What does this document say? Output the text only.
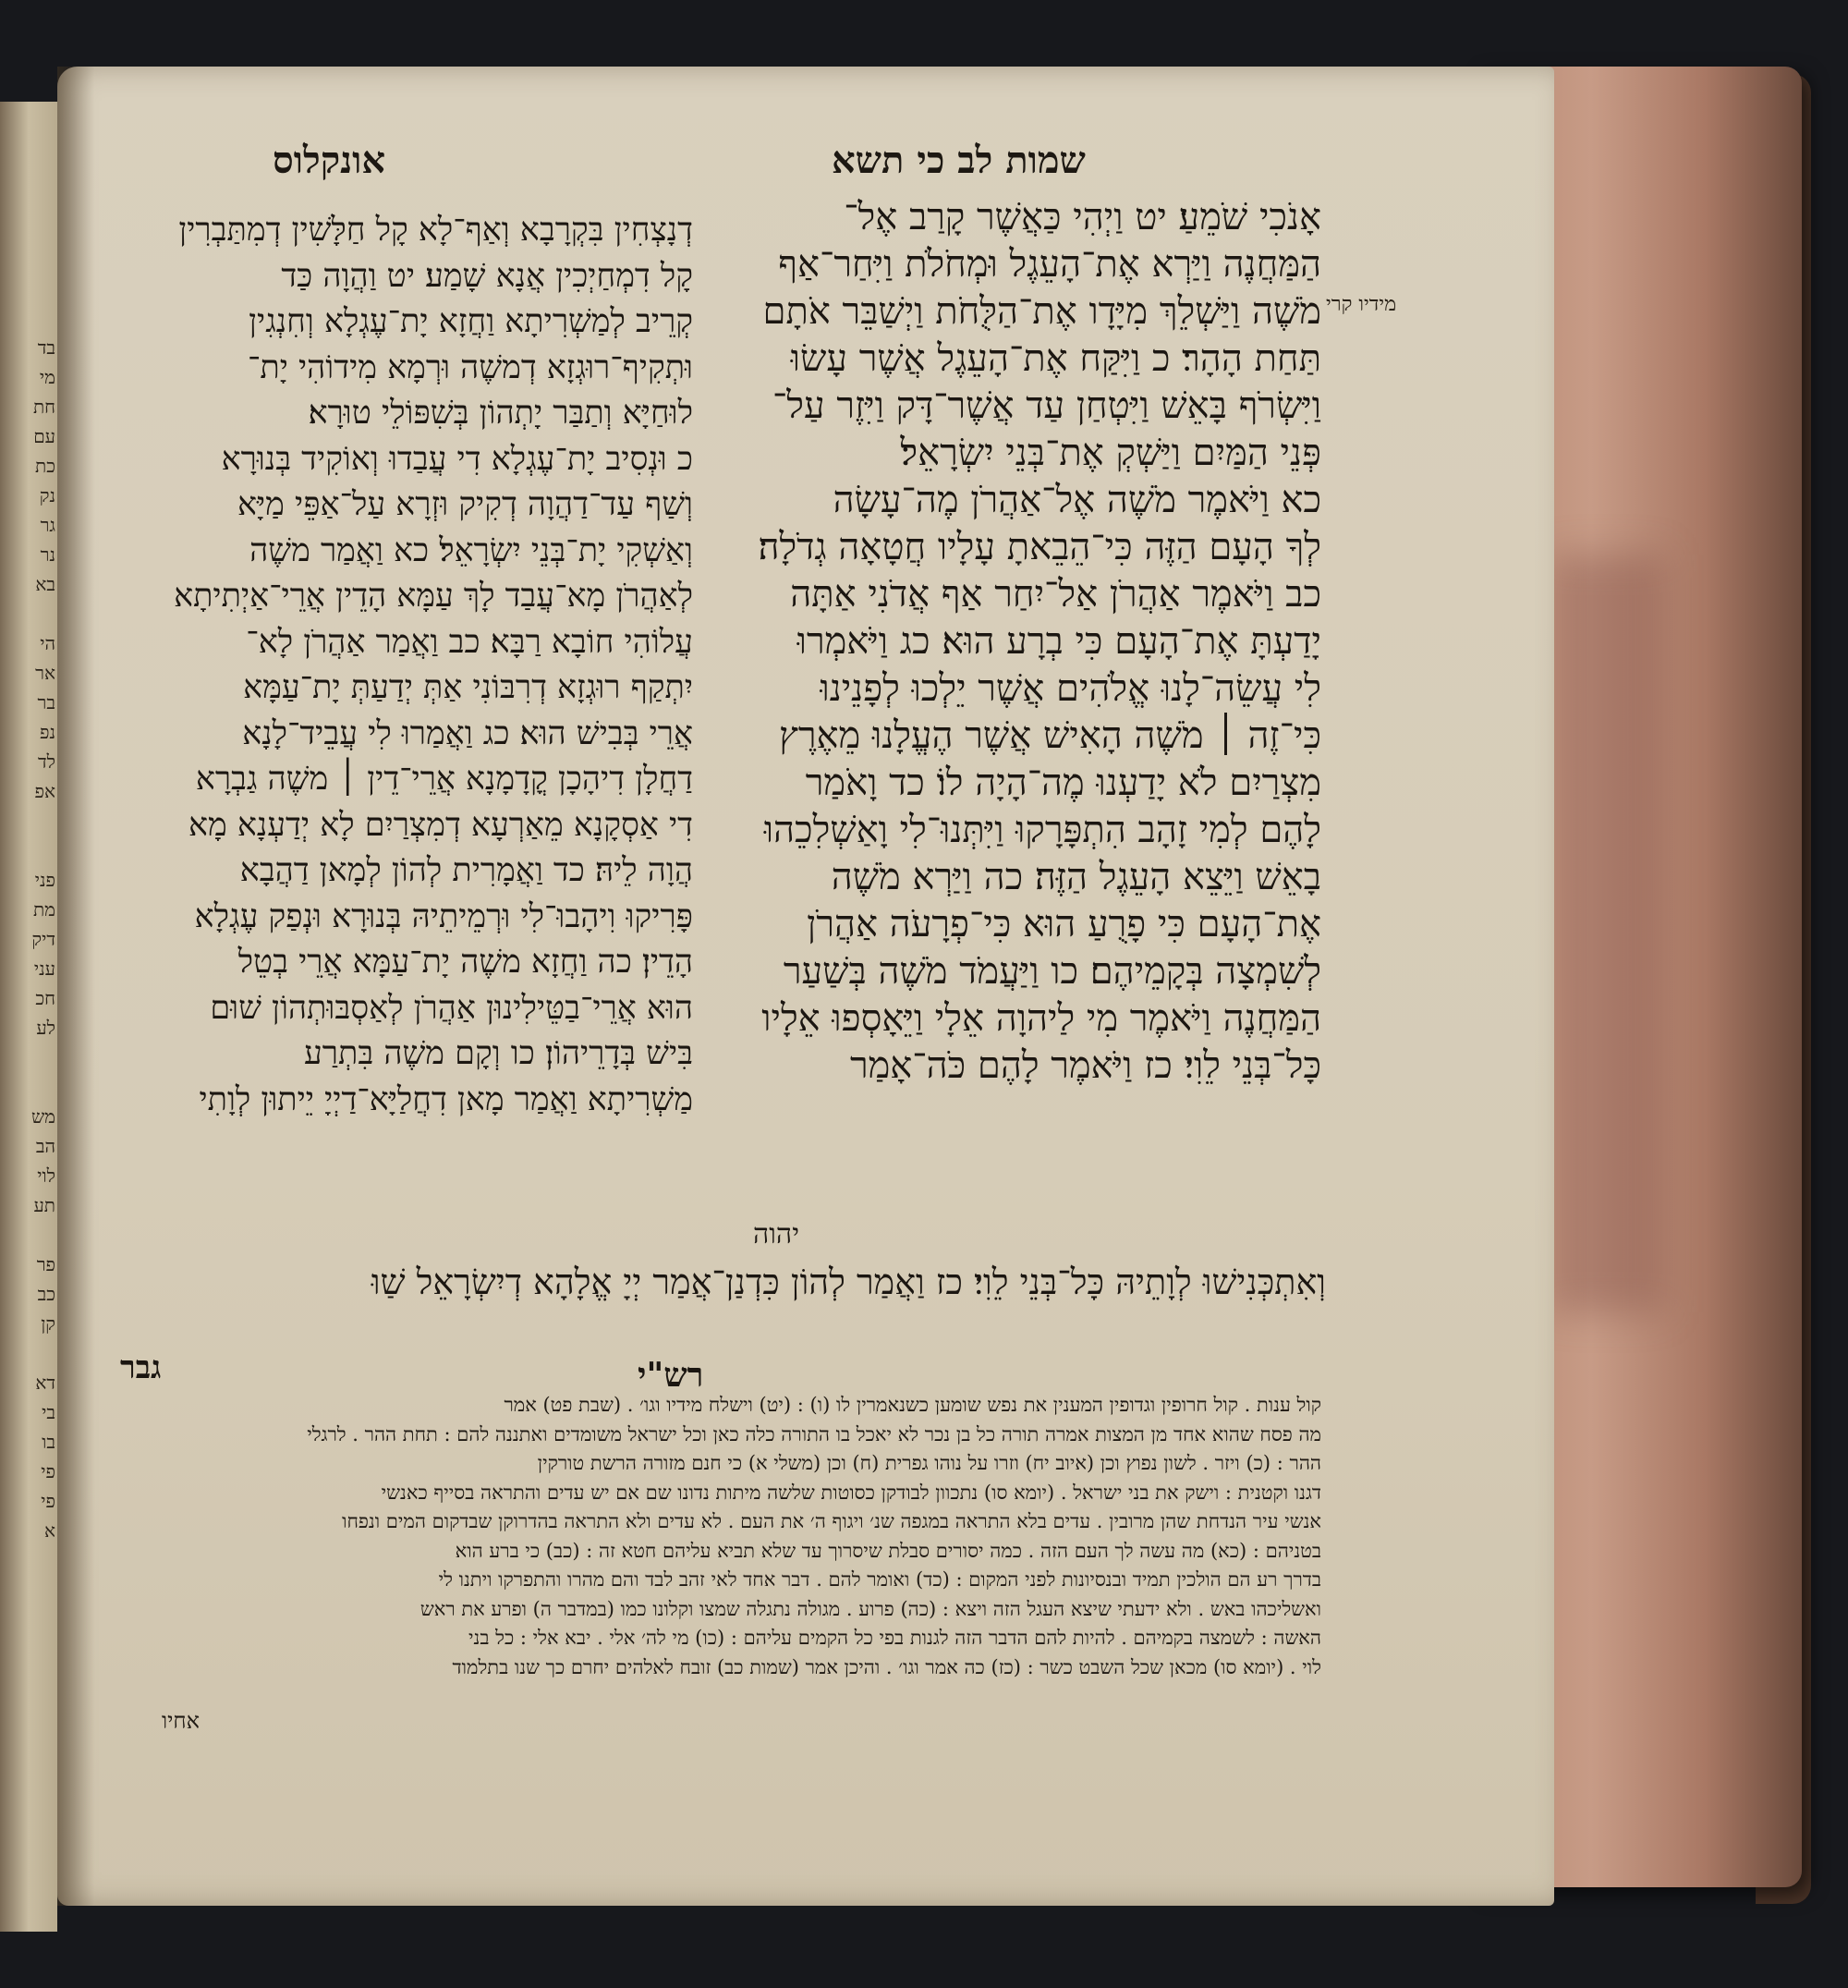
בד
מי
חת
עם
כת
נק
גר
נר
בא

הי
אר
בר
נפ
לד
אפ

פני
מת
דיק
עני
חכ
לע

מש
הב
לוי
תע

פר
כב
קן

דא
בי
בו
פי
פי
א
אונקלוס	שמות לב כי תשא
מידיו קרי
אָנֹכִי שֹׁמֵעַ׃ יט וַיְהִי כַּאֲשֶׁר קָרַב אֶל־
הַמַּחֲנֶה וַיַּרְא אֶת־הָעֵגֶל וּמְחֹלֹת וַיִּחַר־אַף
מֹשֶׁה וַיַּשְׁלֵךְ מִיָּדָו אֶת־הַלֻּחֹת וַיְשַׁבֵּר אֹתָם
תַּחַת הָהָר׃ כ וַיִּקַּח אֶת־הָעֵגֶל אֲשֶׁר עָשׂוּ
וַיִּשְׂרֹף בָּאֵשׁ וַיִּטְחַן עַד אֲשֶׁר־דָּק וַיִּזֶר עַל־
פְּנֵי הַמַּיִם וַיַּשְׁקְ אֶת־בְּנֵי יִשְׂרָאֵל׃
כא וַיֹּאמֶר מֹשֶׁה אֶל־אַהֲרֹן מֶה־עָשָׂה
לְךָ הָעָם הַזֶּה כִּי־הֵבֵאתָ עָלָיו חֲטָאָה גְדֹלָה׃
כב וַיֹּאמֶר אַהֲרֹן אַל־יִחַר אַף אֲדֹנִי אַתָּה
יָדַעְתָּ אֶת־הָעָם כִּי בְרָע הוּא׃ כג וַיֹּאמְרוּ
לִי עֲשֵׂה־לָנוּ אֱלֹהִים אֲשֶׁר יֵלְכוּ לְפָנֵינוּ
כִּי־זֶה ׀ מֹשֶׁה הָאִישׁ אֲשֶׁר הֶעֱלָנוּ מֵאֶרֶץ
מִצְרַיִם לֹא יָדַעְנוּ מֶה־הָיָה לוֹ׃ כד וָאֹמַר
לָהֶם לְמִי זָהָב הִתְפָּרָקוּ וַיִּתְּנוּ־לִי וָאַשְׁלִכֵהוּ
בָאֵשׁ וַיֵּצֵא הָעֵגֶל הַזֶּה׃ כה וַיַּרְא מֹשֶׁה
אֶת־הָעָם כִּי פָרֻעַ הוּא כִּי־פְרָעֹה אַהֲרֹן
לְשִׁמְצָה בְּקָמֵיהֶם׃ כו וַיַּעֲמֹד מֹשֶׁה בְּשַׁעַר
הַמַּחֲנֶה וַיֹּאמֶר מִי לַיהוָה אֵלָי וַיֵּאָסְפוּ אֵלָיו
כָּל־בְּנֵי לֵוִי׃ כז וַיֹּאמֶר לָהֶם כֹּה־אָמַר
דְנָצְחִין בִּקְרָבָא וְאַף־לָא קָל חַלָּשִׁין דְמִתַּבְרִין
קָל דִמְחַיְכִין אֲנָא שָׁמַע׃ יט וַהֲוָה כַּד
קְרֵיב לְמַשְׁרִיתָא וַחֲזָא יָת־עֶגְלָא וְחִנְגִין
וּתְקִיף־רוּגְזָא דְמשֶׁה וּרְמָא מִידוֹהִי יָת־
לוּחַיָּא וְתַבַּר יָתְהוֹן בְּשִׁפּוֹלֵי טוּרָא׃
כ וּנְסִיב יָת־עֶגְלָא דִי עֲבַדוּ וְאוֹקִיד בְּנוּרָא
וְשַׁף עַד־דַהֲוָה דְקִיק וּזְרָא עַל־אַפֵּי מַיָּא
וְאַשְׁקִי יָת־בְּנֵי יִשְׂרָאֵל׃ כא וַאֲמַר משֶׁה
לְאַהֲרֹן מָא־עֲבַד לָךְ עַמָּא הָדֵין אֲרֵי־אַיְתִיתָא
עֲלוֹהִי חוֹבָא רַבָּא׃ כב וַאֲמַר אַהֲרֹן לָא־
יִתְקַף רוּגְזָא דְרִבּוֹנִי אַתְּ יְדַעַתְּ יָת־עַמָּא
אֲרֵי בְּבִישׁ הוּא׃ כג וַאֲמַרוּ לִי עֲבֵיד־לָנָא
דַחֲלָן דִיהָכָן קֳדָמָנָא אֲרֵי־דֵין ׀ משֶׁה גַבְרָא
דִי אַסְקָנָא מֵאַרְעָא דְמִצְרַיִם לָא יְדַעְנָא מָא
הֲוָה לֵיהּ׃ כד וַאֲמָרִית לְהוֹן לְמָאן דַהֲבָא
פָּרִיקוּ וִיהָבוּ־לִי וּרְמֵיתֵיהּ בְּנוּרָא וּנְפַק עֶגְלָא
הָדֵין׃ כה וַחֲזָא משֶׁה יָת־עַמָּא אֲרֵי בְטֵל
הוּא אֲרֵי־בַטֵּילִינוּן אַהֲרֹן לְאַסְבּוּתְהוֹן שׁוּם
בִּישׁ בְּדָרֵיהוֹן׃ כו וְקָם משֶׁה בִּתְרַע
מַשְׁרִיתָא וַאֲמַר מָאן דִחֲלַיָּא־דַיְיָ יֵיתוּן לְוָתִי
יהוה
וְאִתְכְּנִישׁוּ לְוָתֵיהּ כָּל־בְּנֵי לֵוִי׃ כז וַאֲמַר לְהוֹן כִּדְנַן־אֲמַר יְיָ אֱלָהָא דְיִשְׂרָאֵל שַׁוּ
גבר	רש"י
קול ענות . קול חרופין וגדופין המענין את נפש שומען כשנאמרין לו (ו) : (יט) וישלח מידיו וגו׳ . (שבת פט) אמר
מה פסח שהוא אחד מן המצות אמרה תורה כל בן נכר לא יאכל בו התורה כלה כאן וכל ישראל משומדים ואתננה להם : תחת ההר . לרגלי
ההר : (כ) ויזר . לשון נפוץ וכן (איוב יח) וזרו על נוהו גפרית (ח) וכן (משלי א) כי חנם מזורה הרשת טורקין
דגנו וקטנית : וישק את בני ישראל . (יומא סו) נתכוון לבודקן כסוטות שלשה מיתות נדונו שם אם יש עדים והתראה בסייף כאנשי
אנשי עיר הנדחת שהן מרובין . עדים בלא התראה במגפה שנ׳ ויגוף ה׳ את העם . לא עדים ולא התראה בהדרוקן שבדקום המים ונפחו
בטניהם : (כא) מה עשה לך העם הזה . כמה יסורים סבלת שיסרוך עד שלא תביא עליהם חטא זה : (כב) כי ברע הוא
בדרך רע הם הולכין תמיד ובנסיונות לפני המקום : (כד) ואומר להם . דבר אחד לאי זהב לבד והם מהרו והתפרקו ויתנו לי
ואשליכהו באש . ולא ידעתי שיצא העגל הזה ויצא : (כה) פרוע . מגולה נתגלה שמצו וקלונו כמו (במדבר ה) ופרע את ראש
האשה : לשמצה בקמיהם . להיות להם הדבר הזה לגנות בפי כל הקמים עליהם : (כו) מי לה׳ אלי . יבא אלי : כל בני
לוי . (יומא סו) מכאן שכל השבט כשר : (כז) כה אמר וגו׳ . והיכן אמר (שמות כב) זובח לאלהים יחרם כך שנו בתלמוד
אחיו
